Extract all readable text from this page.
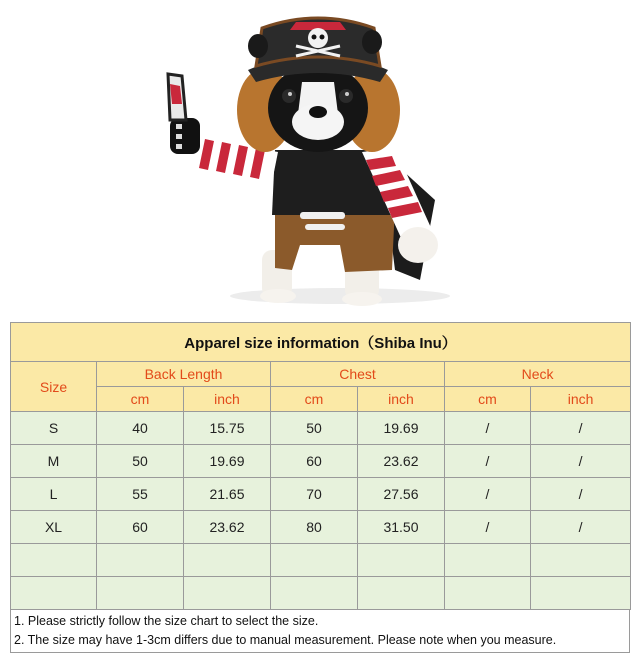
Apparel size information（Shiba Inu）						
Size	Back Length		Chest		Neck	
	cm	inch	cm	inch	cm	inch
S	40	15.75	50	19.69	/	/
M	50	19.69	60	23.62	/	/
L	55	21.65	70	27.56	/	/
XL	60	23.62	80	31.50	/	/

1. Please strictly follow the size chart to select the size.
2. The size may have 1-3cm differs due to manual measurement. Please note when you measure.
